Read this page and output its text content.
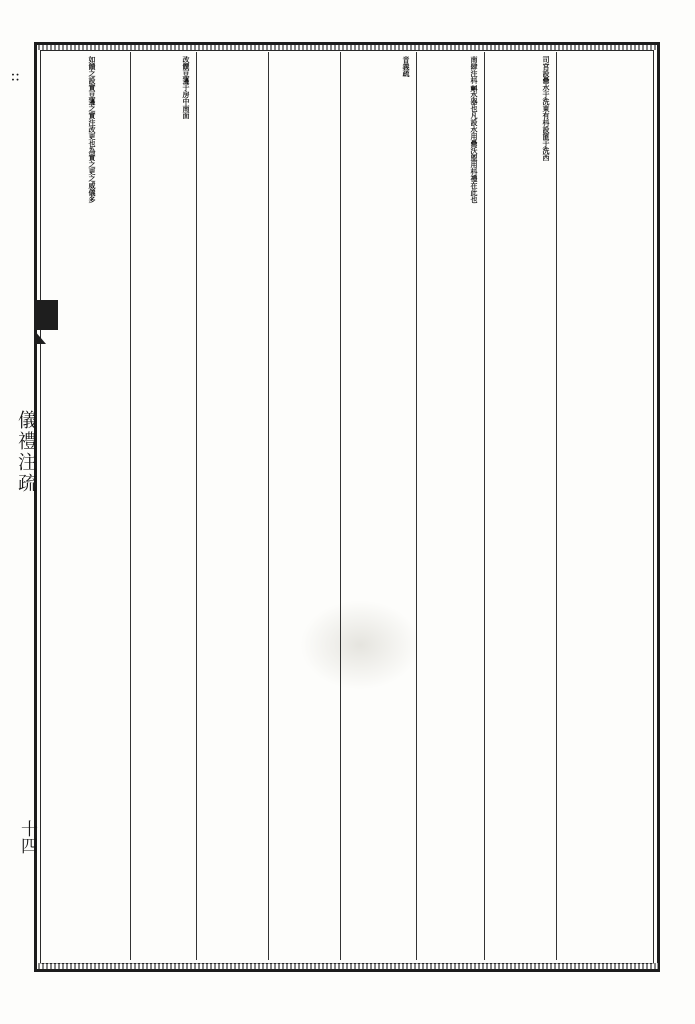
::
儀禮注疏
十四
司宮設罍水于洗東有枓設篚于洗西
南肆注枓𣂏水器也凡設水用罍沃盥用枓禮在此也
音義疏
改饌豆籩于房中南面
如饋之設實豆籩之實注改更也為實之更之威儀多
